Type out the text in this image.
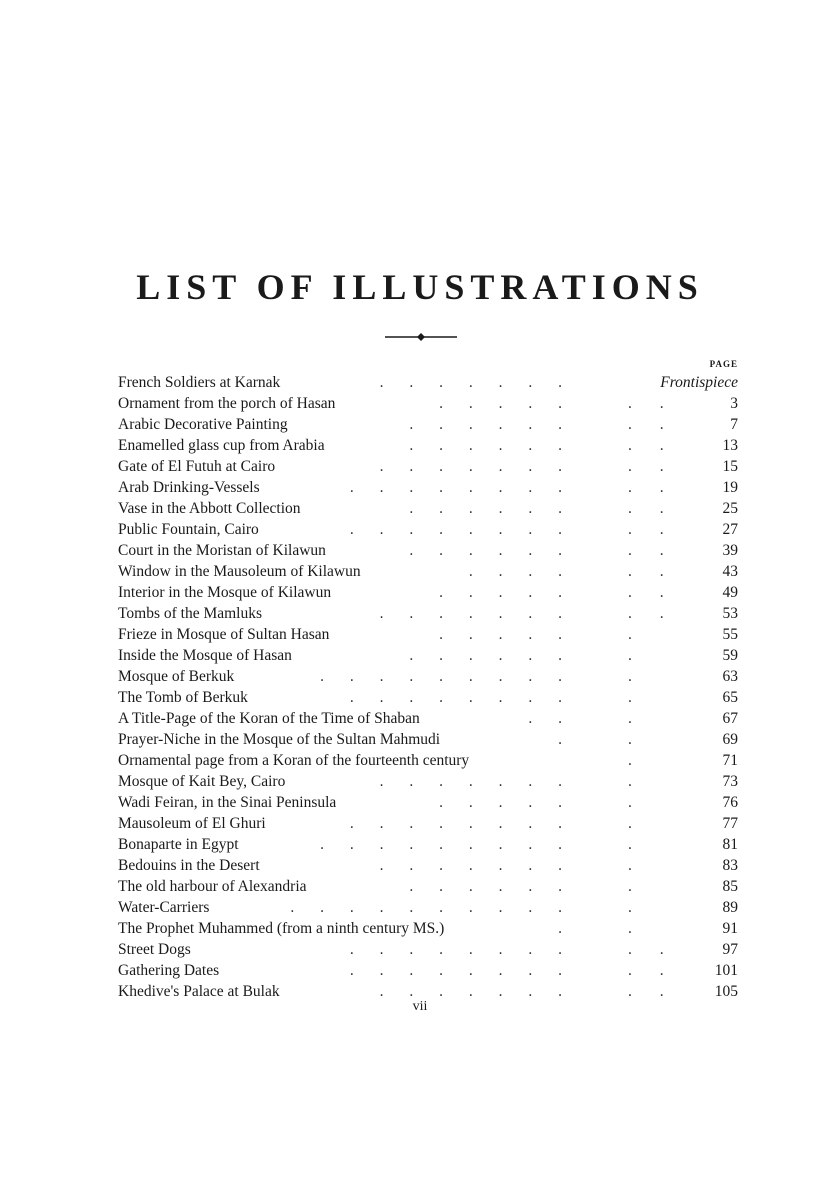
LIST OF ILLUSTRATIONS
PAGE
. . . . . . .
French Soldiers at Karnak	Frontispiece
. . . . .
Ornament from the porch of Hasan	. .	3
. . . . . .
Arabic Decorative Painting	. .	7
. . . . . .
Enamelled glass cup from Arabia	. .	13
. . . . . . .
Gate of El Futuh at Cairo	. .	15
. . . . . . . .
Arab Drinking-Vessels	. .	19
. . . . . .
Vase in the Abbott Collection	. .	25
. . . . . . . .
Public Fountain, Cairo	. .	27
. . . . . .
Court in the Moristan of Kilawun	. .	39
. . . .
Window in the Mausoleum of Kilawun	. .	43
. . . . .
Interior in the Mosque of Kilawun	. .	49
. . . . . . .
Tombs of the Mamluks	. .	53
. . . . .
Frieze in Mosque of Sultan Hasan	.	55
. . . . . .
Inside the Mosque of Hasan	.	59
. . . . . . . . .
Mosque of Berkuk	.	63
. . . . . . . .
The Tomb of Berkuk	.	65
. .
A Title-Page of the Koran of the Time of Shaban	.	67
.
Prayer-Niche in the Mosque of the Sultan Mahmudi	.	69
Ornamental page from a Koran of the fourteenth century	.	71
. . . . . . .
Mosque of Kait Bey, Cairo	.	73
. . . . .
Wadi Feiran, in the Sinai Peninsula	.	76
. . . . . . . .
Mausoleum of El Ghuri	.	77
. . . . . . . . .
Bonaparte in Egypt	.	81
. . . . . . .
Bedouins in the Desert	.	83
. . . . . .
The old harbour of Alexandria	.	85
. . . . . . . . . .
Water-Carriers	.	89
.
The Prophet Muhammed (from a ninth century MS.)	.	91
. . . . . . . .
Street Dogs	. .	97
. . . . . . . .
Gathering Dates	. .	101
. . . . . . .
Khedive's Palace at Bulak	. .	105
vii
